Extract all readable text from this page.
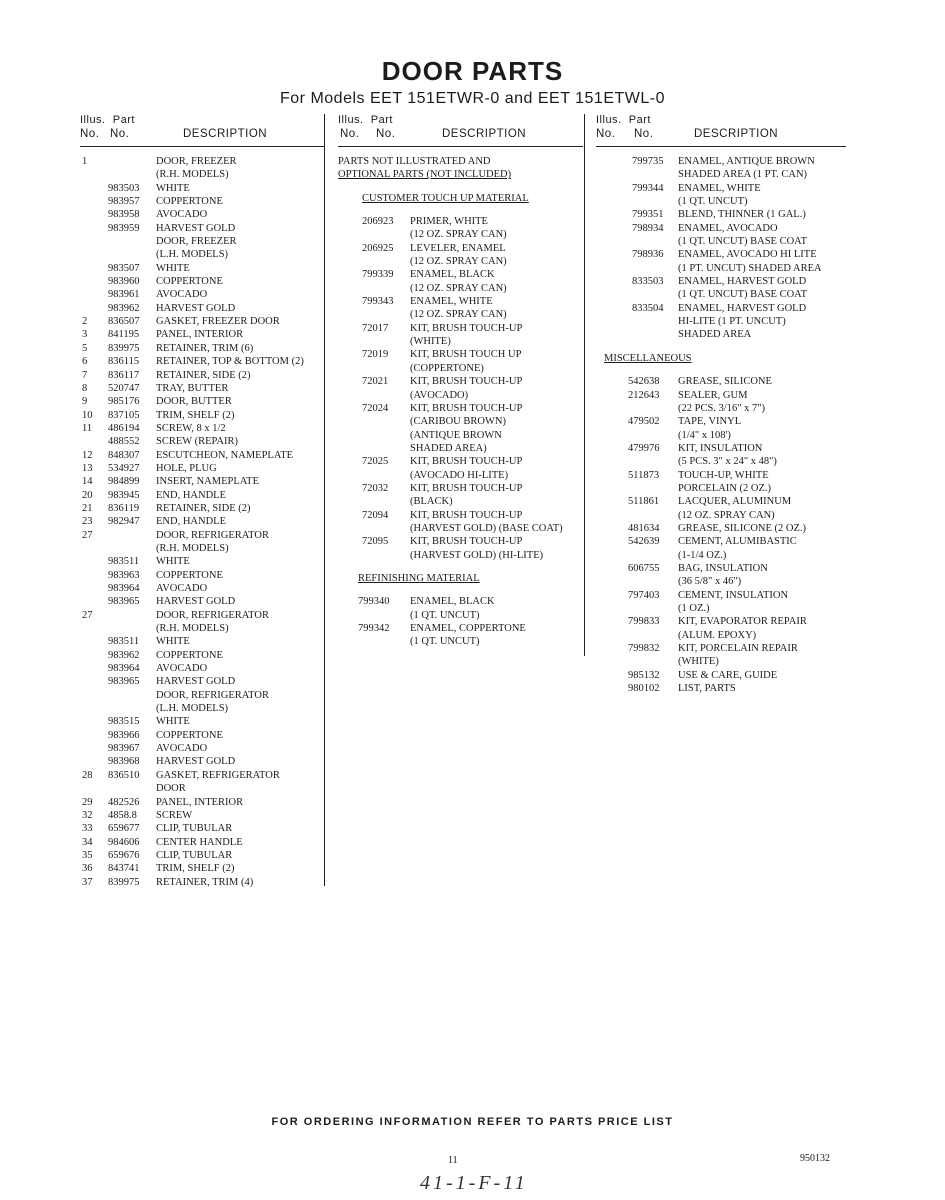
DOOR PARTS
For Models EET 151ETWR-0 and EET 151ETWL-0
Illus. Part
No. No.	DESCRIPTION
1	DOOR, FREEZER
(R.H. MODELS)
983503 WHITE
983957 COPPERTONE
983958 AVOCADO
983959 HARVEST GOLD
DOOR, FREEZER
(L.H. MODELS)
983507 WHITE
983960 COPPERTONE
983961 AVOCADO
983962 HARVEST GOLD
2 836507 GASKET, FREEZER DOOR
3 841195 PANEL, INTERIOR
5 839975 RETAINER, TRIM (6)
6 836115 RETAINER, TOP & BOTTOM (2)
7 836117 RETAINER, SIDE (2)
8 520747 TRAY, BUTTER
9 985176 DOOR, BUTTER
10 837105 TRIM, SHELF (2)
11 486194 SCREW, 8 x 1/2
488552 SCREW (REPAIR)
12 848307 ESCUTCHEON, NAMEPLATE
13 534927 HOLE, PLUG
14 984899 INSERT, NAMEPLATE
20 983945 END, HANDLE
21 836119 RETAINER, SIDE (2)
23 982947 END, HANDLE
27	DOOR, REFRIGERATOR
(R.H. MODELS)
983511 WHITE
983963 COPPERTONE
983964 AVOCADO
983965 HARVEST GOLD
27	DOOR, REFRIGERATOR
(R.H. MODELS)
983511 WHITE
983962 COPPERTONE
983964 AVOCADO
983965 HARVEST GOLD
DOOR, REFRIGERATOR
(L.H. MODELS)
983515 WHITE
983966 COPPERTONE
983967 AVOCADO
983968 HARVEST GOLD
28 836510 GASKET, REFRIGERATOR
DOOR
29 482526 PANEL, INTERIOR
32 4858.8 SCREW
33 659677 CLIP, TUBULAR
34 984606 CENTER HANDLE
35 659676 CLIP, TUBULAR
36 843741 TRIM, SHELF (2)
37 839975 RETAINER, TRIM (4)
Illus. Part
No. No.	DESCRIPTION
PARTS NOT ILLUSTRATED AND
OPTIONAL PARTS (NOT INCLUDED)
CUSTOMER TOUCH UP MATERIAL
206923 PRIMER, WHITE
(12 OZ. SPRAY CAN)
206925 LEVELER, ENAMEL
(12 OZ. SPRAY CAN)
799339 ENAMEL, BLACK
(12 OZ. SPRAY CAN)
799343 ENAMEL, WHITE
(12 OZ. SPRAY CAN)
72017 KIT, BRUSH TOUCH-UP
(WHITE)
72019 KIT, BRUSH TOUCH UP
(COPPERTONE)
72021 KIT, BRUSH TOUCH-UP
(AVOCADO)
72024 KIT, BRUSH TOUCH-UP
(CARIBOU BROWN)
(ANTIQUE BROWN
SHADED AREA)
72025 KIT, BRUSH TOUCH-UP
(AVOCADO HI-LITE)
72032 KIT, BRUSH TOUCH-UP
(BLACK)
72094 KIT, BRUSH TOUCH-UP
(HARVEST GOLD) (BASE COAT)
72095 KIT, BRUSH TOUCH-UP
(HARVEST GOLD) (HI-LITE)
REFINISHING MATERIAL
799340 ENAMEL, BLACK
(1 QT. UNCUT)
799342 ENAMEL, COPPERTONE
(1 QT. UNCUT)
Illus. Part
No. No.	DESCRIPTION
799735 ENAMEL, ANTIQUE BROWN
SHADED AREA (1 PT. CAN)
799344 ENAMEL, WHITE
(1 QT. UNCUT)
799351 BLEND, THINNER (1 GAL.)
798934 ENAMEL, AVOCADO
(1 QT. UNCUT) BASE COAT
798936 ENAMEL, AVOCADO HI LITE
(1 PT. UNCUT) SHADED AREA
833503 ENAMEL, HARVEST GOLD
(1 QT. UNCUT) BASE COAT
833504 ENAMEL, HARVEST GOLD
HI-LITE (1 PT. UNCUT)
SHADED AREA
MISCELLANEOUS
542638 GREASE, SILICONE
212643 SEALER, GUM
(22 PCS. 3/16" x 7")
479502 TAPE, VINYL
(1/4" x 108')
479976 KIT, INSULATION
(5 PCS. 3" x 24" x 48")
511873 TOUCH-UP, WHITE
PORCELAIN (2 OZ.)
511861 LACQUER, ALUMINUM
(12 OZ. SPRAY CAN)
481634 GREASE, SILICONE (2 OZ.)
542639 CEMENT, ALUMIBASTIC
(1-1/4 OZ.)
606755 BAG, INSULATION
(36 5/8" x 46")
797403 CEMENT, INSULATION
(1 OZ.)
799833 KIT, EVAPORATOR REPAIR
(ALUM. EPOXY)
799832 KIT, PORCELAIN REPAIR
(WHITE)
985132 USE & CARE, GUIDE
980102 LIST, PARTS
FOR ORDERING INFORMATION REFER TO PARTS PRICE LIST
11	950132
41-1-F-11
